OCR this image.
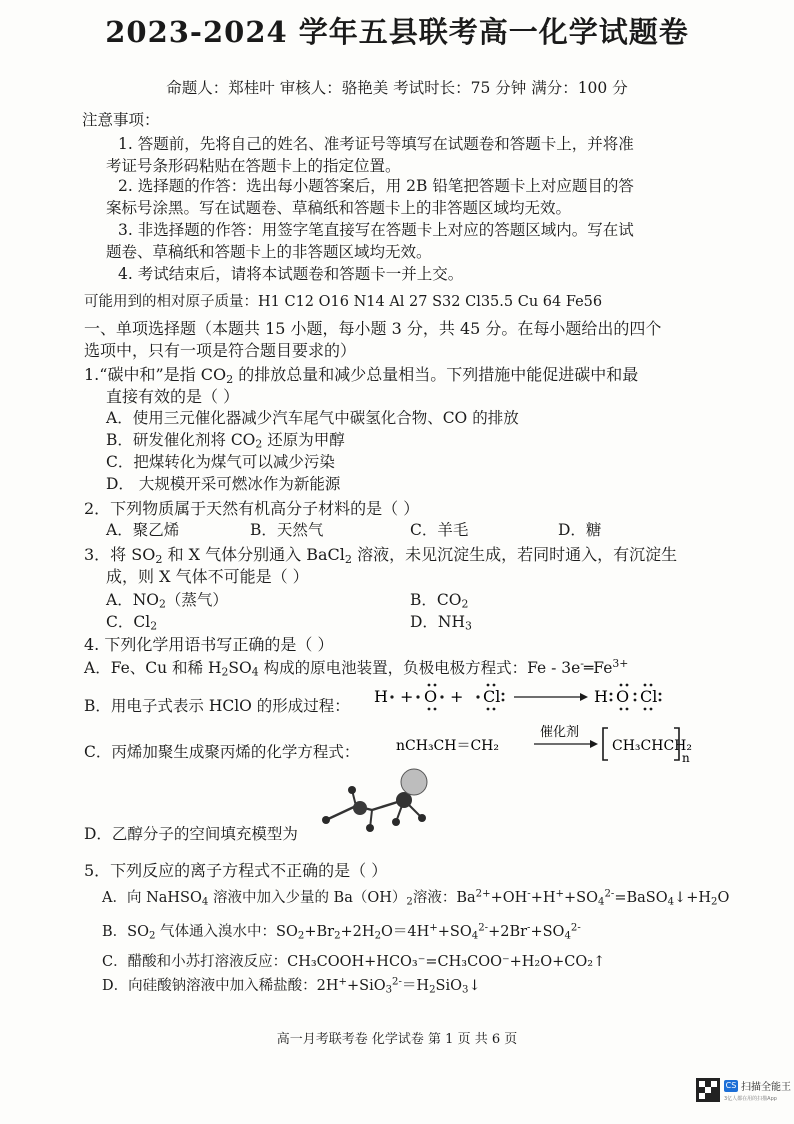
2023-2024 学年五县联考高一化学试题卷
命题人：郑桂叶 审核人：骆艳美 考试时长：75 分钟 满分：100 分
注意事项：
1. 答题前，先将自己的姓名、准考证号等填写在试题卷和答题卡上，并将准
考证号条形码粘贴在答题卡上的指定位置。
2. 选择题的作答：选出每小题答案后，用 2B 铅笔把答题卡上对应题目的答
案标号涂黑。写在试题卷、草稿纸和答题卡上的非答题区域均无效。
3. 非选择题的作答：用签字笔直接写在答题卡上对应的答题区域内。写在试
题卷、草稿纸和答题卡上的非答题区域均无效。
4. 考试结束后，请将本试题卷和答题卡一并上交。
可能用到的相对原子质量：H1 C12 O16 N14 Al 27 S32 Cl35.5 Cu 64 Fe56
一、单项选择题（本题共 15 小题，每小题 3 分，共 45 分。在每小题给出的四个
选项中，只有一项是符合题目要求的）
1.“碳中和”是指 $CO_2$ 的排放总量和减少总量相当。下列措施中能促进碳中和最
直接有效的是（ ）
A．使用三元催化器减少汽车尾气中碳氢化合物、CO 的排放
B．研发催化剂将 $CO_2$ 还原为甲醇
C．把煤转化为煤气可以减少污染
D． 大规模开采可燃冰作为新能源
2．下列物质属于天然有机高分子材料的是（ ）
A．聚乙烯	B．天然气	C．羊毛	D．糖
3．将 $SO_2$ 和 X 气体分别通入 BaCl$_2$ 溶液，未见沉淀生成，若同时通入，有沉淀生
成，则 X 气体不可能是（ ）
A．$NO_2$（蒸气）	B．$CO_2$
C．$Cl_2$	D．$NH_3$
4. 下列化学用语书写正确的是（ ）
A．Fe、Cu 和稀 $H_2SO_4$ 构成的原电池装置，负极电极方程式：Fe - $3e^-═Fe^{3+}$
B．用电子式表示 HClO 的形成过程： H + O + Cl	H O Cl
C．丙烯加聚生成聚丙烯的化学方程式：	nCH₃CH＝CH₂
催化剂
CH₃CHCH₂
n
D．乙醇分子的空间填充模型为
5．下列反应的离子方程式不正确的是（ ）
A．向 NaHSO$_4$ 溶液中加入少量的 $Ba(OH)_2$溶液：$Ba^{2+}+OH^-+H^++SO_4^{2-}=BaSO_4↓+H_2O$
B．$SO_2$ 气体通入溴水中：$SO_2+Br_2+2H_2O=4H^++SO_4^{2-}+2Br^-+SO_4^{2-}$
C．醋酸和小苏打溶液反应：CH₃COOH+HCO₃⁻=CH₃COO⁻+H₂O+CO₂↑
D．向硅酸钠溶液中加入稀盐酸：$2H^++SiO_3^{2-}=H_2SiO_3↓$
高一月考联考卷 化学试卷 第 1 页 共 6 页
CS 扫描全能王
3亿人都在用的扫描App
